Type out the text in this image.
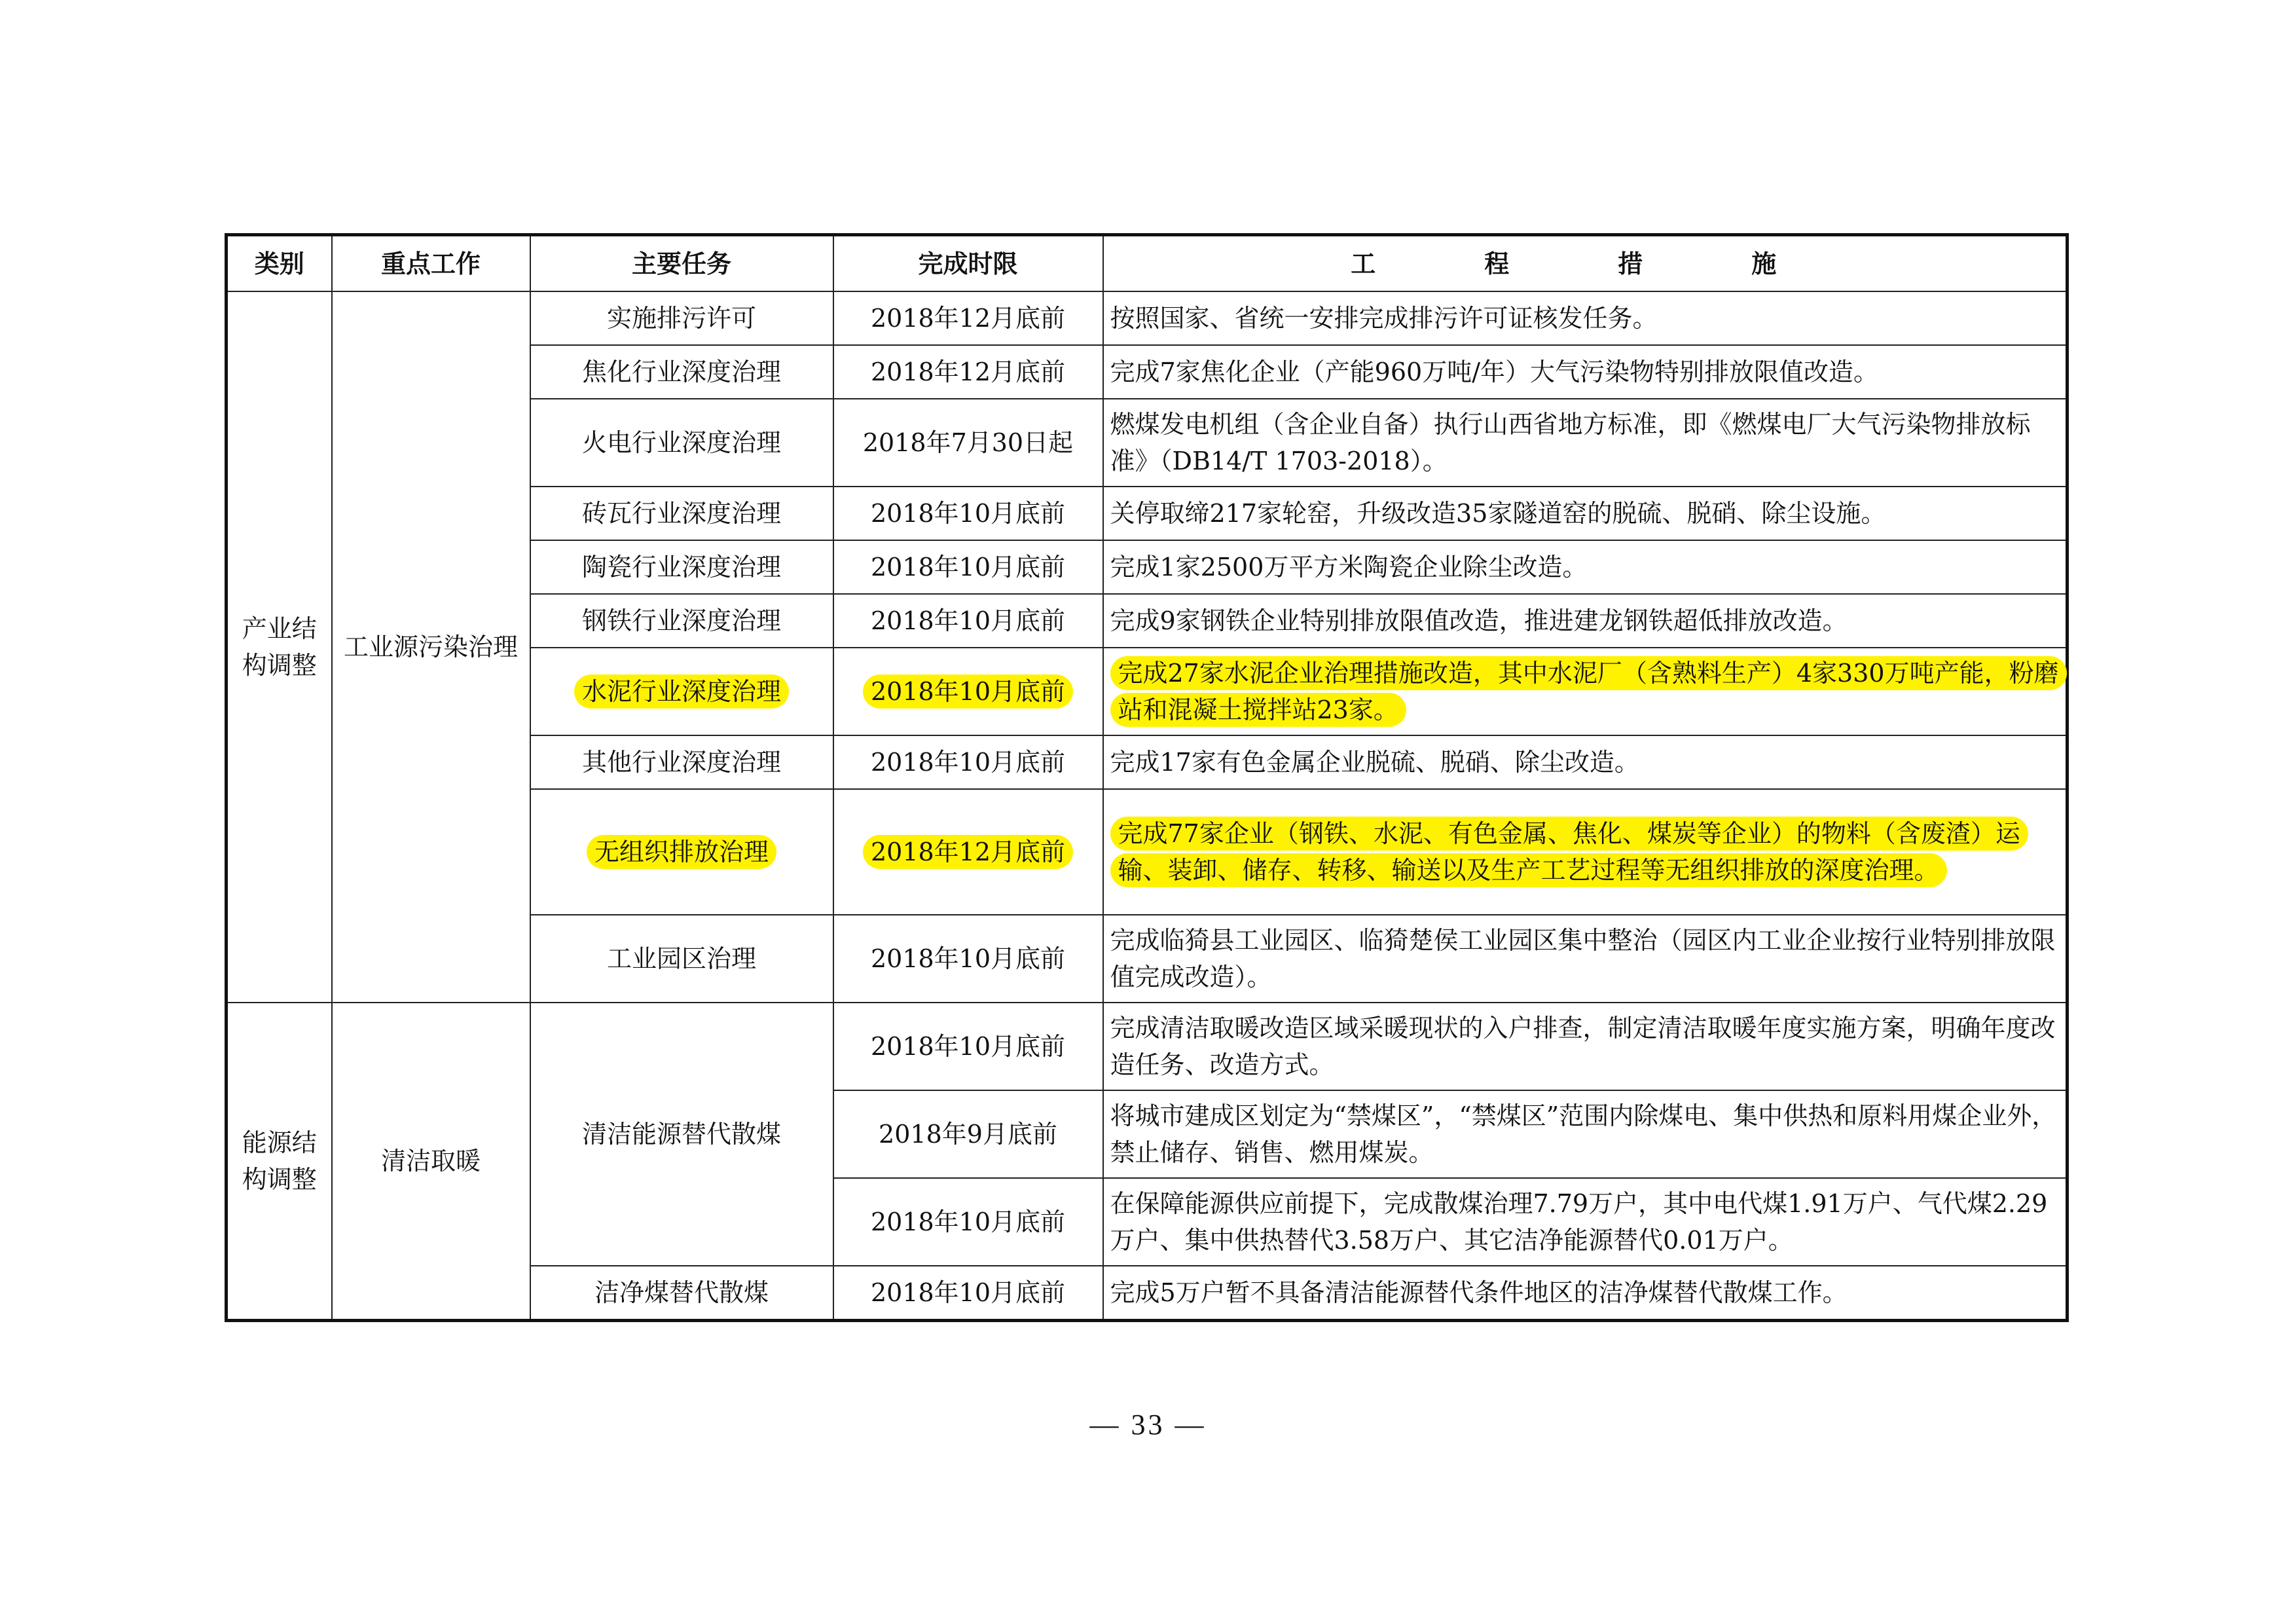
类别	重点工作	主要任务	完成时限	工　程　措　施
产业结构调整	工业源污染治理	实施排污许可	2018年12月底前	按照国家、省统一安排完成排污许可证核发任务。
		焦化行业深度治理	2018年12月底前	完成7家焦化企业（产能960万吨/年）大气污染物特别排放限值改造。
		火电行业深度治理	2018年7月30日起	燃煤发电机组（含企业自备）执行山西省地方标准，即《燃煤电厂大气污染物排放标准》（DB14/T 1703-2018）。
		砖瓦行业深度治理	2018年10月底前	关停取缔217家轮窑，升级改造35家隧道窑的脱硫、脱硝、除尘设施。
		陶瓷行业深度治理	2018年10月底前	完成1家2500万平方米陶瓷企业除尘改造。
		钢铁行业深度治理	2018年10月底前	完成9家钢铁企业特别排放限值改造，推进建龙钢铁超低排放改造。
		水泥行业深度治理	2018年10月底前	完成27家水泥企业治理措施改造，其中水泥厂（含熟料生产）4家330万吨产能，粉磨站和混凝土搅拌站23家。
		其他行业深度治理	2018年10月底前	完成17家有色金属企业脱硫、脱硝、除尘改造。
		无组织排放治理	2018年12月底前	完成77家企业（钢铁、水泥、有色金属、焦化、煤炭等企业）的物料（含废渣）运输、装卸、储存、转移、输送以及生产工艺过程等无组织排放的深度治理。
		工业园区治理	2018年10月底前	完成临猗县工业园区、临猗楚侯工业园区集中整治（园区内工业企业按行业特别排放限值完成改造）。
能源结构调整	清洁取暖	清洁能源替代散煤	2018年10月底前	完成清洁取暖改造区域采暖现状的入户排查，制定清洁取暖年度实施方案，明确年度改造任务、改造方式。
			2018年9月底前	将城市建成区划定为“禁煤区”，“禁煤区”范围内除煤电、集中供热和原料用煤企业外，禁止储存、销售、燃用煤炭。
			2018年10月底前	在保障能源供应前提下，完成散煤治理7.79万户，其中电代煤1.91万户、气代煤2.29万户、集中供热替代3.58万户、其它洁净能源替代0.01万户。
		洁净煤替代散煤	2018年10月底前	完成5万户暂不具备清洁能源替代条件地区的洁净煤替代散煤工作。
— 33 —
